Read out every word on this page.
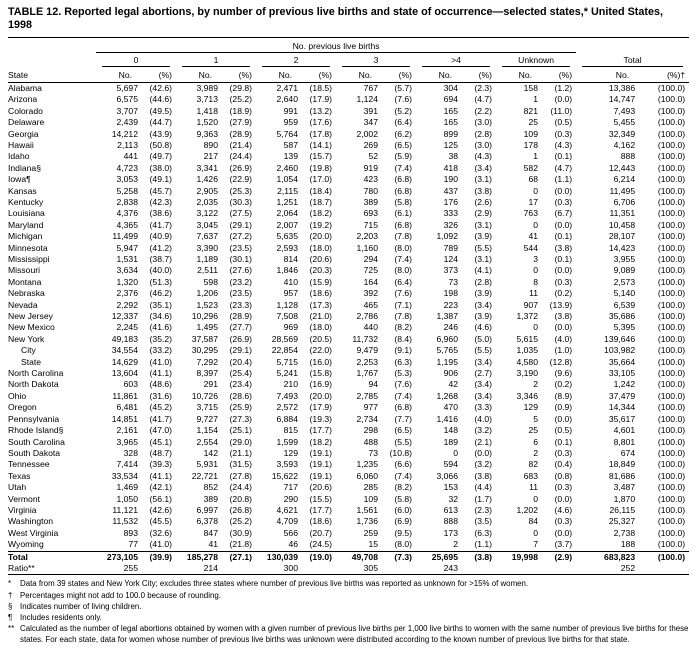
TABLE 12. Reported legal abortions, by number of previous live births and state of occurrence—selected states,* United States, 1998
	No. previous live births													

	0		1		2		3		>4		Unknown		Total	

State	No.	(%)	No.	(%)	No.	(%)	No.	(%)	No.	(%)	No.	(%)	No.	(%)†
Alabama	5,697	(42.6)	3,989	(29.8)	2,471	(18.5)	767	(5.7)	304	(2.3)	158	(1.2)	13,386	(100.0)
Arizona	6,575	(44.6)	3,713	(25.2)	2,640	(17.9)	1,124	(7.6)	694	(4.7)	1	(0.0)	14,747	(100.0)
Colorado	3,707	(49.5)	1,418	(18.9)	991	(13.2)	391	(5.2)	165	(2.2)	821	(11.0)	7,493	(100.0)
Delaware	2,439	(44.7)	1,520	(27.9)	959	(17.6)	347	(6.4)	165	(3.0)	25	(0.5)	5,455	(100.0)
Georgia	14,212	(43.9)	9,363	(28.9)	5,764	(17.8)	2,002	(6.2)	899	(2.8)	109	(0.3)	32,349	(100.0)
Hawaii	2,113	(50.8)	890	(21.4)	587	(14.1)	269	(6.5)	125	(3.0)	178	(4.3)	4,162	(100.0)
Idaho	441	(49.7)	217	(24.4)	139	(15.7)	52	(5.9)	38	(4.3)	1	(0.1)	888	(100.0)
Indiana§	4,723	(38.0)	3,341	(26.9)	2,460	(19.8)	919	(7.4)	418	(3.4)	582	(4.7)	12,443	(100.0)
Iowa¶	3,053	(49.1)	1,426	(22.9)	1,054	(17.0)	423	(6.8)	190	(3.1)	68	(1.1)	6,214	(100.0)
Kansas	5,258	(45.7)	2,905	(25.3)	2,115	(18.4)	780	(6.8)	437	(3.8)	0	(0.0)	11,495	(100.0)
Kentucky	2,838	(42.3)	2,035	(30.3)	1,251	(18.7)	389	(5.8)	176	(2.6)	17	(0.3)	6,706	(100.0)
Louisiana	4,376	(38.6)	3,122	(27.5)	2,064	(18.2)	693	(6.1)	333	(2.9)	763	(6.7)	11,351	(100.0)
Maryland	4,365	(41.7)	3,045	(29.1)	2,007	(19.2)	715	(6.8)	326	(3.1)	0	(0.0)	10,458	(100.0)
Michigan	11,499	(40.9)	7,637	(27.2)	5,635	(20.0)	2,203	(7.8)	1,092	(3.9)	41	(0.1)	28,107	(100.0)
Minnesota	5,947	(41.2)	3,390	(23.5)	2,593	(18.0)	1,160	(8.0)	789	(5.5)	544	(3.8)	14,423	(100.0)
Mississippi	1,531	(38.7)	1,189	(30.1)	814	(20.6)	294	(7.4)	124	(3.1)	3	(0.1)	3,955	(100.0)
Missouri	3,634	(40.0)	2,511	(27.6)	1,846	(20.3)	725	(8.0)	373	(4.1)	0	(0.0)	9,089	(100.0)
Montana	1,320	(51.3)	598	(23.2)	410	(15.9)	164	(6.4)	73	(2.8)	8	(0.3)	2,573	(100.0)
Nebraska	2,376	(46.2)	1,206	(23.5)	957	(18.6)	392	(7.6)	198	(3.9)	11	(0.2)	5,140	(100.0)
Nevada	2,292	(35.1)	1,523	(23.3)	1,128	(17.3)	465	(7.1)	223	(3.4)	907	(13.9)	6,539	(100.0)
New Jersey	12,337	(34.6)	10,296	(28.9)	7,508	(21.0)	2,786	(7.8)	1,387	(3.9)	1,372	(3.8)	35,686	(100.0)
New Mexico	2,245	(41.6)	1,495	(27.7)	969	(18.0)	440	(8.2)	246	(4.6)	0	(0.0)	5,395	(100.0)
New York	49,183	(35.2)	37,587	(26.9)	28,569	(20.5)	11,732	(8.4)	6,960	(5.0)	5,615	(4.0)	139,646	(100.0)
City	34,554	(33.2)	30,295	(29.1)	22,854	(22.0)	9,479	(9.1)	5,765	(5.5)	1,035	(1.0)	103,982	(100.0)
State	14,629	(41.0)	7,292	(20.4)	5,715	(16.0)	2,253	(6.3)	1,195	(3.4)	4,580	(12.8)	35,664	(100.0)
North Carolina	13,604	(41.1)	8,397	(25.4)	5,241	(15.8)	1,767	(5.3)	906	(2.7)	3,190	(9.6)	33,105	(100.0)
North Dakota	603	(48.6)	291	(23.4)	210	(16.9)	94	(7.6)	42	(3.4)	2	(0.2)	1,242	(100.0)
Ohio	11,861	(31.6)	10,726	(28.6)	7,493	(20.0)	2,785	(7.4)	1,268	(3.4)	3,346	(8.9)	37,479	(100.0)
Oregon	6,481	(45.2)	3,715	(25.9)	2,572	(17.9)	977	(6.8)	470	(3.3)	129	(0.9)	14,344	(100.0)
Pennsylvania	14,851	(41.7)	9,727	(27.3)	6,884	(19.3)	2,734	(7.7)	1,416	(4.0)	5	(0.0)	35,617	(100.0)
Rhode Island§	2,161	(47.0)	1,154	(25.1)	815	(17.7)	298	(6.5)	148	(3.2)	25	(0.5)	4,601	(100.0)
South Carolina	3,965	(45.1)	2,554	(29.0)	1,599	(18.2)	488	(5.5)	189	(2.1)	6	(0.1)	8,801	(100.0)
South Dakota	328	(48.7)	142	(21.1)	129	(19.1)	73	(10.8)	0	(0.0)	2	(0.3)	674	(100.0)
Tennessee	7,414	(39.3)	5,931	(31.5)	3,593	(19.1)	1,235	(6.6)	594	(3.2)	82	(0.4)	18,849	(100.0)
Texas	33,534	(41.1)	22,721	(27.8)	15,622	(19.1)	6,060	(7.4)	3,066	(3.8)	683	(0.8)	81,686	(100.0)
Utah	1,469	(42.1)	852	(24.4)	717	(20.6)	285	(8.2)	153	(4.4)	11	(0.3)	3,487	(100.0)
Vermont	1,050	(56.1)	389	(20.8)	290	(15.5)	109	(5.8)	32	(1.7)	0	(0.0)	1,870	(100.0)
Virginia	11,121	(42.6)	6,997	(26.8)	4,621	(17.7)	1,561	(6.0)	613	(2.3)	1,202	(4.6)	26,115	(100.0)
Washington	11,532	(45.5)	6,378	(25.2)	4,709	(18.6)	1,736	(6.9)	888	(3.5)	84	(0.3)	25,327	(100.0)
West Virginia	893	(32.6)	847	(30.9)	566	(20.7)	259	(9.5)	173	(6.3)	0	(0.0)	2,738	(100.0)
Wyoming	77	(41.0)	41	(21.8)	46	(24.5)	15	(8.0)	2	(1.1)	7	(3.7)	188	(100.0)
Total	273,105	(39.9)	185,278	(27.1)	130,039	(19.0)	49,708	(7.3)	25,695	(3.8)	19,998	(2.9)	683,823	(100.0)
Ratio**	255		214		300		305		243				252	
* Data from 39 states and New York City; excludes three states where number of previous live births was reported as unknown for >15% of women.
† Percentages might not add to 100.0 because of rounding.
§ Indicates number of living children.
¶ Includes residents only.
** Calculated as the number of legal abortions obtained by women with a given number of previous live births per 1,000 live births to women with the same number of previous live births for these states. For each state, data for women whose number of previous live births was unknown were distributed according to the known number of previous live births for that state.
